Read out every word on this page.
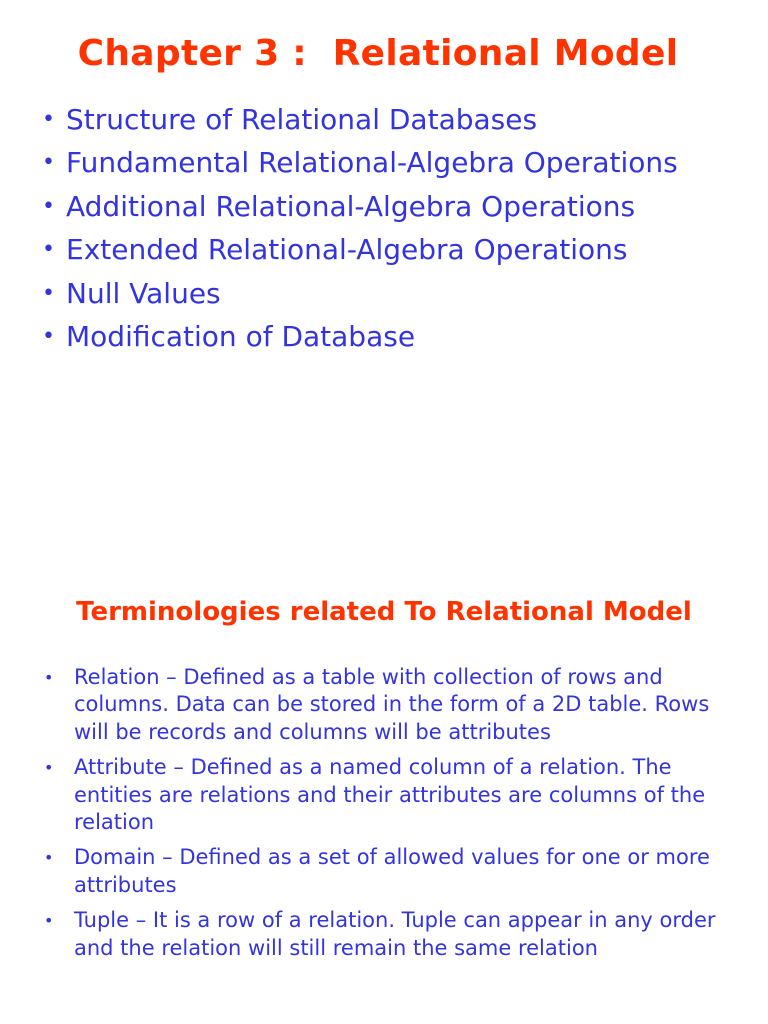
Chapter 3 :  Relational Model
• Structure of Relational Databases
• Fundamental Relational-Algebra Operations
• Additional Relational-Algebra Operations
• Extended Relational-Algebra Operations
• Null Values
• Modification of Database
Terminologies related To Relational Model
• Relation – Defined as a table with collection of rows and columns. Data can be stored in the form of a 2D table. Rows will be records and columns will be attributes
• Attribute – Defined as a named column of a relation. The entities are relations and their attributes are columns of the relation
• Domain – Defined as a set of allowed values for one or more attributes
• Tuple – It is a row of a relation. Tuple can appear in any order and the relation will still remain the same relation
